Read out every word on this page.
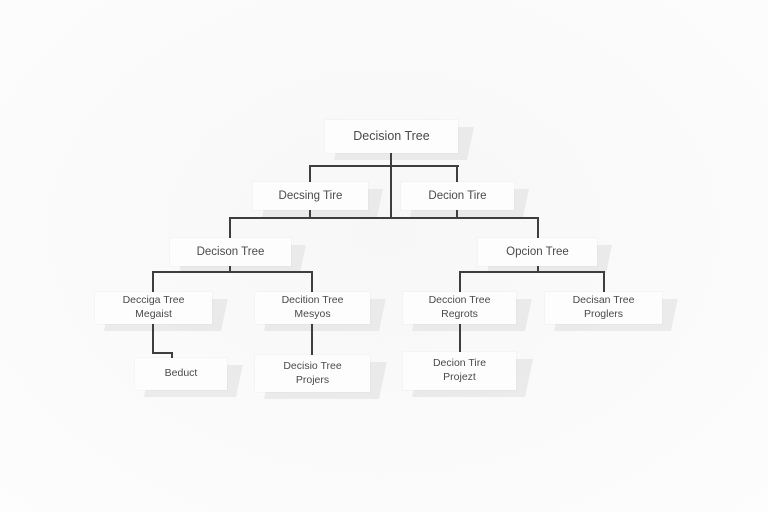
Decision Tree
Decsing Tire	Decion Tire
Decison Tree	Opcion Tree
Decciga Tree
Megaist
Decition Tree
Mesyos
Deccion Tree
Regrots
Decisan Tree
Proglers
Beduct
Decisio Tree
Projers
Decion Tire
Projezt
